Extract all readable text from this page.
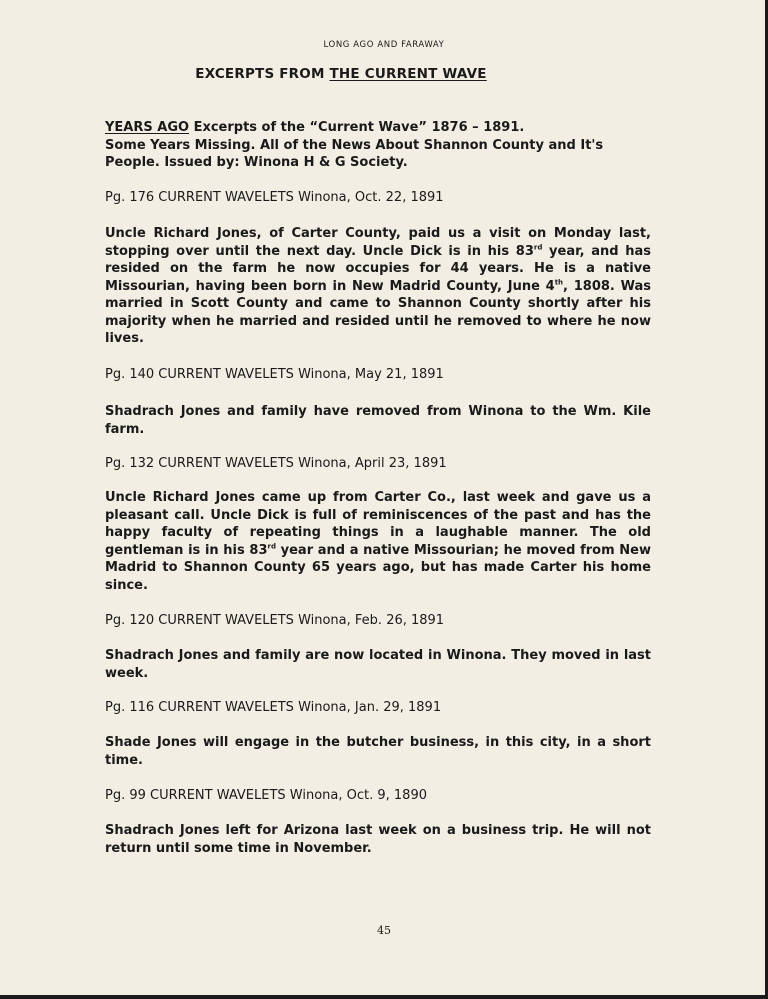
LONG AGO AND FARAWAY
EXCERPTS FROM THE CURRENT WAVE
YEARS AGO Excerpts of the “Current Wave” 1876 – 1891.
Some Years Missing. All of the News About Shannon County and It's People. Issued by: Winona H & G Society.
Pg. 176 CURRENT WAVELETS Winona, Oct. 22, 1891
Uncle Richard Jones, of Carter County, paid us a visit on Monday last, stopping over until the next day. Uncle Dick is in his 83rd year, and has resided on the farm he now occupies for 44 years. He is a native Missourian, having been born in New Madrid County, June 4th, 1808. Was married in Scott County and came to Shannon County shortly after his majority when he married and resided until he removed to where he now lives.
Pg. 140 CURRENT WAVELETS Winona, May 21, 1891
Shadrach Jones and family have removed from Winona to the Wm. Kile farm.
Pg. 132 CURRENT WAVELETS Winona, April 23, 1891
Uncle Richard Jones came up from Carter Co., last week and gave us a pleasant call. Uncle Dick is full of reminiscences of the past and has the happy faculty of repeating things in a laughable manner. The old gentleman is in his 83rd year and a native Missourian; he moved from New Madrid to Shannon County 65 years ago, but has made Carter his home since.
Pg. 120 CURRENT WAVELETS Winona, Feb. 26, 1891
Shadrach Jones and family are now located in Winona. They moved in last week.
Pg. 116 CURRENT WAVELETS Winona, Jan. 29, 1891
Shade Jones will engage in the butcher business, in this city, in a short time.
Pg. 99 CURRENT WAVELETS Winona, Oct. 9, 1890
Shadrach Jones left for Arizona last week on a business trip. He will not return until some time in November.
45
